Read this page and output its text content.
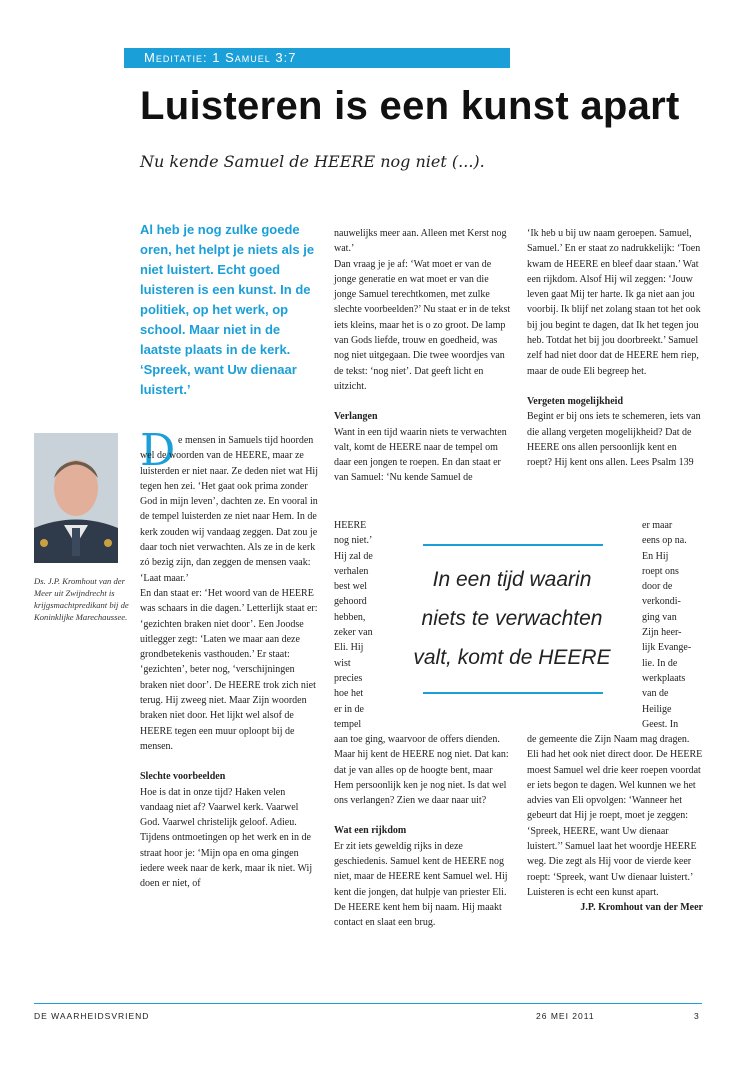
Meditatie: 1 Samuel 3:7
Luisteren is een kunst apart
Nu kende Samuel de HEERE nog niet (...).
Al heb je nog zulke goede oren, het helpt je niets als je niet luistert. Echt goed luisteren is een kunst. In de politiek, op het werk, op school. Maar niet in de laatste plaats in de kerk. ‘Spreek, want Uw dienaar luistert.’
Ds. J.P. Kromhout van der Meer uit Zwijndrecht is krijgsmachtpredikant bij de Koninklijke Marechaussee.
D e mensen in Samuels tijd hoorden wel de woorden van de HEERE, maar ze luisterden er niet naar. Ze deden niet wat Hij tegen hen zei. ‘Het gaat ook prima zonder God in mijn leven’, dachten ze. En vooral in de tempel luisterden ze niet naar Hem. In de kerk zouden wij vandaag zeggen. Dat zou je daar toch niet verwachten. Als ze in de kerk zó bezig zijn, dan zeggen de mensen vaak: ‘Laat maar.’

En dan staat er: ‘Het woord van de HEERE was schaars in die dagen.’ Letterlijk staat er: ‘gezichten braken niet door’. Een Joodse uitlegger zegt: ‘Laten we maar aan deze grondbetekenis vasthouden.’ Er staat: ‘gezichten’, beter nog, ‘verschijningen braken niet door’. De HEERE trok zich niet terug. Hij zweeg niet. Maar Zijn woorden braken niet door. Het lijkt wel alsof de HEERE tegen een muur oploopt bij de mensen.

Slechte voorbeelden

Hoe is dat in onze tijd? Haken velen vandaag niet af? Vaarwel kerk. Vaarwel God. Vaarwel christelijk geloof. Adieu. Tijdens ontmoetingen op het werk en in de straat hoor je: ‘Mijn opa en oma gingen iedere week naar de kerk, maar ik niet. Wij doen er niet, of

nauwelijks meer aan. Alleen met Kerst nog wat.’

Dan vraag je je af: ‘Wat moet er van de jonge generatie en wat moet er van die jonge Samuel terechtkomen, met zulke slechte voorbeelden?’ Nu staat er in de tekst iets kleins, maar het is o zo groot. De lamp van Gods liefde, trouw en goedheid, was nog niet uitgegaan. Die twee woordjes van de tekst: ‘nog niet’. Dat geeft licht en uitzicht.

Verlangen

Want in een tijd waarin niets te verwachten valt, komt de HEERE naar de tempel om daar een jongen te roepen. En dan staat er van Samuel: ‘Nu kende Samuel de

HEERE
nog niet.’
Hij zal de
verhalen
best wel
gehoord
hebben,
zeker van
Eli. Hij
wist
precies
hoe het
er in de
tempel

aan toe ging, waarvoor de offers dienden. Maar hij kent de HEERE nog niet. Dat kan: dat je van alles op de hoogte bent, maar Hem persoonlijk ken je nog niet. Is dat wel ons verlangen? Zien we daar naar uit?

Wat een rijkdom

Er zit iets geweldig rijks in deze geschiedenis. Samuel kent de HEERE nog niet, maar de HEERE kent Samuel wel. Hij kent die jongen, dat hulpje van priester Eli. De HEERE kent hem bij naam. Hij maakt contact en slaat een brug.

‘Ik heb u bij uw naam geroepen. Samuel, Samuel.’ En er staat zo nadrukkelijk: ‘Toen kwam de HEERE en bleef daar staan.’ Wat een rijkdom. Alsof Hij wil zeggen: ‘Jouw leven gaat Mij ter harte. Ik ga niet aan jou voorbij. Ik blijf net zolang staan tot het ook bij jou begint te dagen, dat Ik het tegen jou heb. Totdat het bij jou doorbreekt.’ Samuel zelf had niet door dat de HEERE hem riep, maar de oude Eli begreep het.

Vergeten mogelijkheid

Begint er bij ons iets te schemeren, iets van die allang vergeten mogelijkheid? Dat de HEERE ons allen persoonlijk kent en roept? Hij kent ons allen. Lees Psalm 139

er maar
eens op na.
En Hij
roept ons
door de
verkondi-
ging van
Zijn heer-
lijk Evange-
lie. In de
werkplaats
van de
Heilige
Geest. In

de gemeente die Zijn Naam mag dragen.

Eli had het ook niet direct door. De HEERE moest Samuel wel drie keer roepen voordat er iets begon te dagen. Wel kunnen we het advies van Eli opvolgen: ‘Wanneer het gebeurt dat Hij je roept, moet je zeggen: ‘Spreek, HEERE, want Uw dienaar luistert.’’ Samuel laat het woordje HEERE weg. Die zegt als Hij voor de vierde keer roept: ‘Spreek, want Uw dienaar luistert.’ Luisteren is echt een kunst apart.

J.P. Kromhout van der Meer

In een tijd waarin
niets te verwachten
valt, komt de HEERE
DE WAARHEIDSVRIEND	26 MEI 2011	3
